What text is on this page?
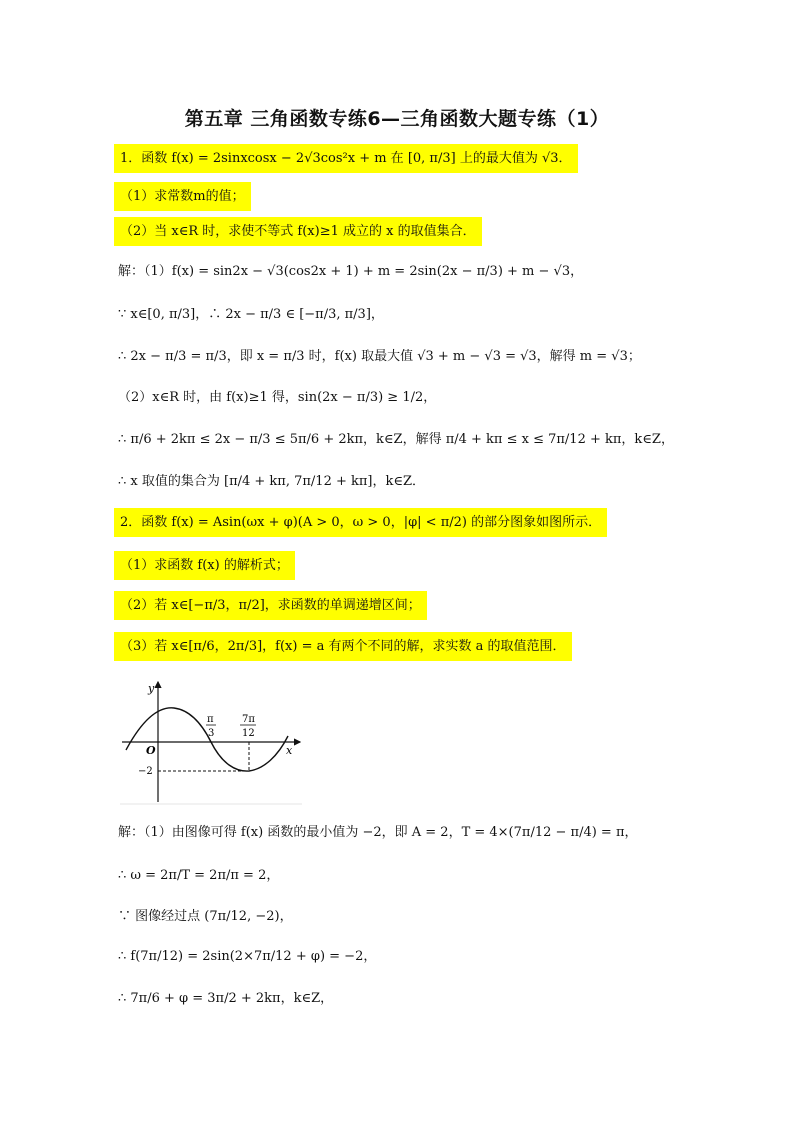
第五章 三角函数专练6—三角函数大题专练（1）
1．函数 f(x) = 2sinxcosx − 2√3cos²x + m 在 [0, π/3] 上的最大值为 √3．
（1）求常数m的值；
（2）当 x∈R 时，求使不等式 f(x)≥1 成立的 x 的取值集合．
解：（1）f(x) = sin2x − √3(cos2x + 1) + m = 2sin(2x − π/3) + m − √3，
∵ x∈[0, π/3]，∴ 2x − π/3 ∈ [−π/3, π/3]，
∴ 2x − π/3 = π/3，即 x = π/3 时，f(x) 取最大值 √3 + m − √3 = √3，解得 m = √3；
（2）x∈R 时，由 f(x)≥1 得，sin(2x − π/3) ≥ 1/2，
∴ π/6 + 2kπ ≤ 2x − π/3 ≤ 5π/6 + 2kπ，k∈Z，解得 π/4 + kπ ≤ x ≤ 7π/12 + kπ，k∈Z，
∴ x 取值的集合为 [π/4 + kπ, 7π/12 + kπ]，k∈Z．
2．函数 f(x) = Asin(ωx + φ)(A > 0，ω > 0，|φ| < π/2) 的部分图象如图所示．
（1）求函数 f(x) 的解析式；
（2）若 x∈[−π/3，π/2]，求函数的单调递增区间；
（3）若 x∈[π/6，2π/3]，f(x) = a 有两个不同的解，求实数 a 的取值范围．
y
x
O
π
3
7π
12
−2
解：（1）由图像可得 f(x) 函数的最小值为 −2，即 A = 2，T = 4×(7π/12 − π/4) = π，
∴ ω = 2π/T = 2π/π = 2，
∵ 图像经过点 (7π/12, −2)，
∴ f(7π/12) = 2sin(2×7π/12 + φ) = −2，
∴ 7π/6 + φ = 3π/2 + 2kπ，k∈Z，
